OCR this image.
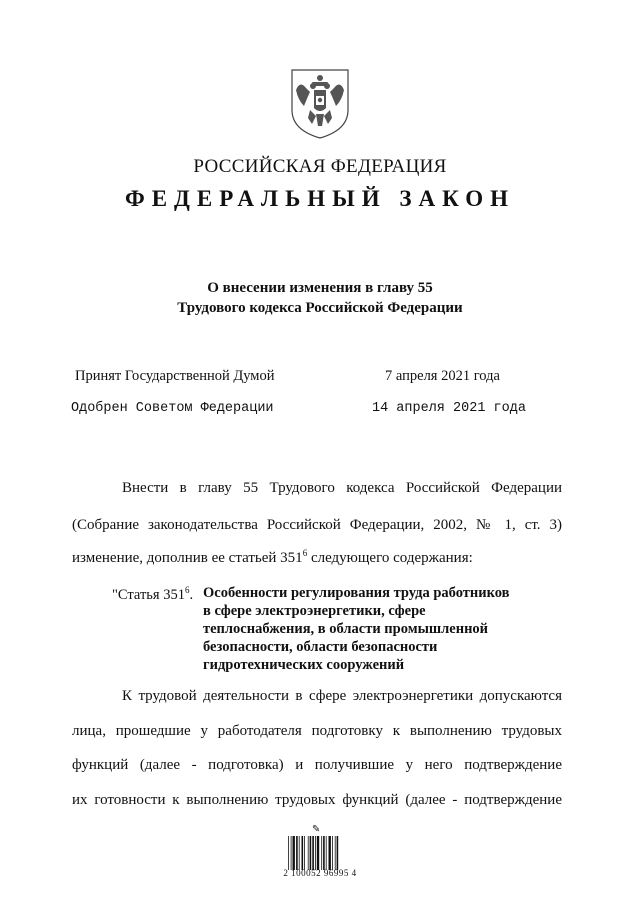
РОССИЙСКАЯ ФЕДЕРАЦИЯ
ФЕДЕРАЛЬНЫЙ ЗАКОН
О внесении изменения в главу 55
Трудового кодекса Российской Федерации
Принят Государственной Думой	7 апреля 2021 года
Одобрен Советом Федерации	14 апреля 2021 года
Внести в главу 55 Трудового кодекса Российской Федерации
(Собрание законодательства Российской Федерации, 2002, № 1, ст. 3)
изменение, дополнив ее статьей $351^6$ следующего содержания:
"Статья $351^6$. Особенности регулирования труда работников
в сфере электроэнергетики, сфере
теплоснабжения, в области промышленной
безопасности, области безопасности
гидротехнических сооружений
К трудовой деятельности в сфере электроэнергетики допускаются
лица, прошедшие у работодателя подготовку к выполнению трудовых
функций (далее - подготовка) и получившие у него подтверждение
их готовности к выполнению трудовых функций (далее - подтверждение
✎
2 100052 96995 4
